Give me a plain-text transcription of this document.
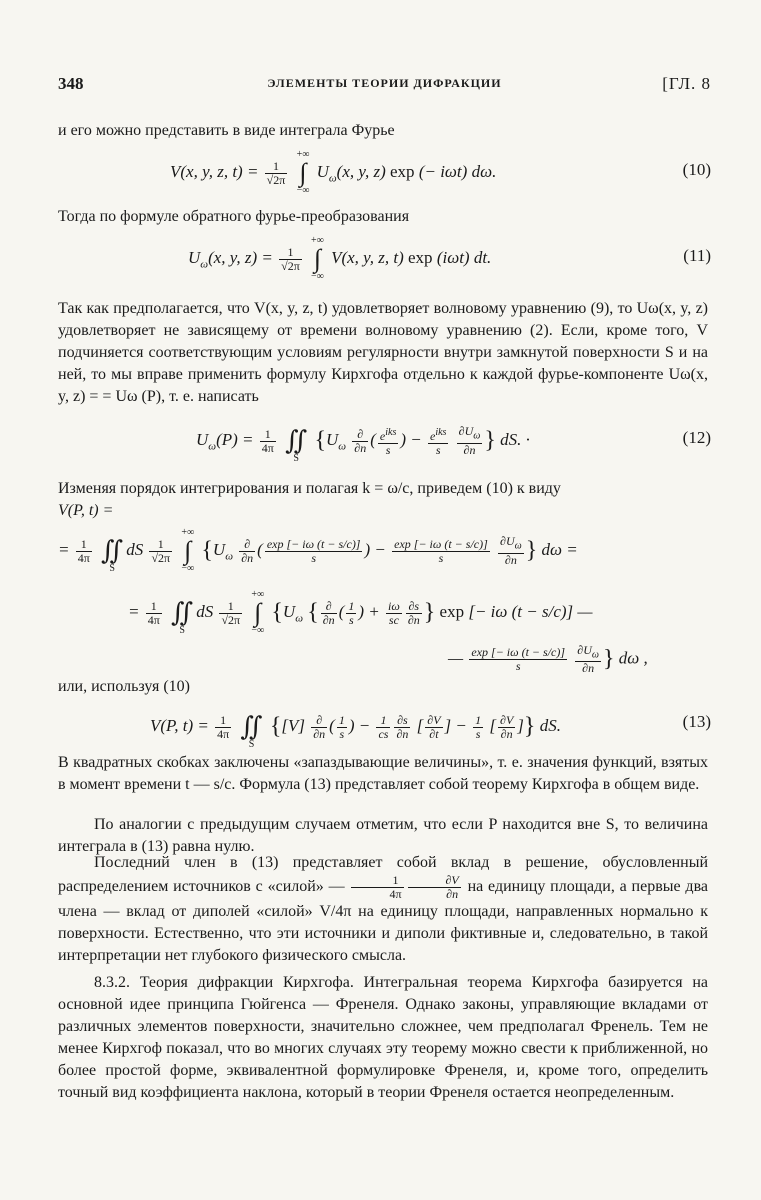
348	ЭЛЕМЕНТЫ ТЕОРИИ ДИФРАКЦИИ	[ГЛ. 8
и его можно представить в виде интеграла Фурье
V(x, y, z, $t) = \frac{1}{√2\pi}$
+∞
∫
−∞ $U_\omega(x$, y, z) exp (− iωt) dω.	(10)
Тогда по формуле обратного фурье-преобразования
$U_\omega(x$, y, $z) = \frac{1}{√2\pi}$
+∞
∫
−∞ V(x, y, z, t) exp (iωt) dt.	(11)
Так как предполагается, что V(x, y, z, t) удовлетворяет волновому уравнению (9), то Uω(x, y, z) удовлетворяет не зависящему от времени волновому уравнению (2). Если, кроме того, V подчиняется соответствующим условиям регулярности внутри замкнутой поверхности S и на ней, то мы вправе применить формулу Кирхгофа отдельно к каждой фурье-компоненте Uω(x, y, z) = = Uω (P), т. е. написать
$U_\omega(P) = \frac{1}{4\pi}$
∬
S {$U_\omega \frac{\partial}{\partial n}$ ( $\frac{e^{iks}}{s}$ ) − $\frac{e^{iks}}{s}$
$\frac{\partial U_\omega}{\partial n}$ } dS. ·	(12)
Изменяя порядок интегрирования и полагая k = ω/c, приведем (10) к виду
V(P, t) =
= $\frac{1}{4\pi}$
∬
SdS $\frac{1}{√2\pi}$
+∞
∫
−∞ {$U_\omega \frac{\partial}{\partial n}$ ( $\frac{\exp [- i\omega (t - s/c)]}{s}$ ) − $\frac{\exp [- i\omega (t - s/c)]}{s}$
$\frac{\partial U_\omega}{\partial n}$ } dω =
= $\frac{1}{4\pi}$
∬
SdS $\frac{1}{√2\pi}$
+∞
∫
−∞ {$U_\omega$ { $\frac{\partial}{\partial n}$ ( $\frac{1}{s}$ ) + $\frac{i\omega}{sc} \frac{\partial s}{\partial n}$ } exp [− iω (t − s/c)] —
— $\frac{\exp [- i\omega (t - s/c)]}{s}$
$\frac{\partial U_\omega}{\partial n}$ } dω ,
или, используя (10)
V(P, $t) = \frac{1}{4\pi}$
∬
S {$[V] \frac{\partial}{\partial n}$ ( $\frac{1}{s}$ ) − $\frac{1}{cs} \frac{\partial s}{\partial n}$ [ $\frac{\partial V}{\partial t}$ ] − $\frac{1}{s}$ [ $\frac{\partial V}{\partial n}$ ]} dS.	(13)
В квадратных скобках заключены «запаздывающие величины», т. е. значения функций, взятых в момент времени t — s/c. Формула (13) представляет собой теорему Кирхгофа в общем виде.
По аналогии с предыдущим случаем отметим, что если P находится вне S, то величина интеграла в (13) равна нулю.
Последний член в (13) представляет собой вклад в решение, обусловленный распределением источников с «силой» — $\frac{1}{4\pi} \frac{\partial V}{\partial n}$ на единицу площади, а первые два члена — вклад от диполей «силой» V/4π на единицу площади, направленных нормально к поверхности. Естественно, что эти источники и диполи фиктивные и, следовательно, в такой интерпретации нет глубокого физического смысла.
8.3.2. Теория дифракции Кирхгофа. Интегральная теорема Кирхгофа базируется на основной идее принципа Гюйгенса — Френеля. Однако законы, управляющие вкладами от различных элементов поверхности, значительно сложнее, чем предполагал Френель. Тем не менее Кирхгоф показал, что во многих случаях эту теорему можно свести к приближенной, но более простой форме, эквивалентной формулировке Френеля, и, кроме того, определить точный вид коэффициента наклона, который в теории Френеля остается неопределенным.
